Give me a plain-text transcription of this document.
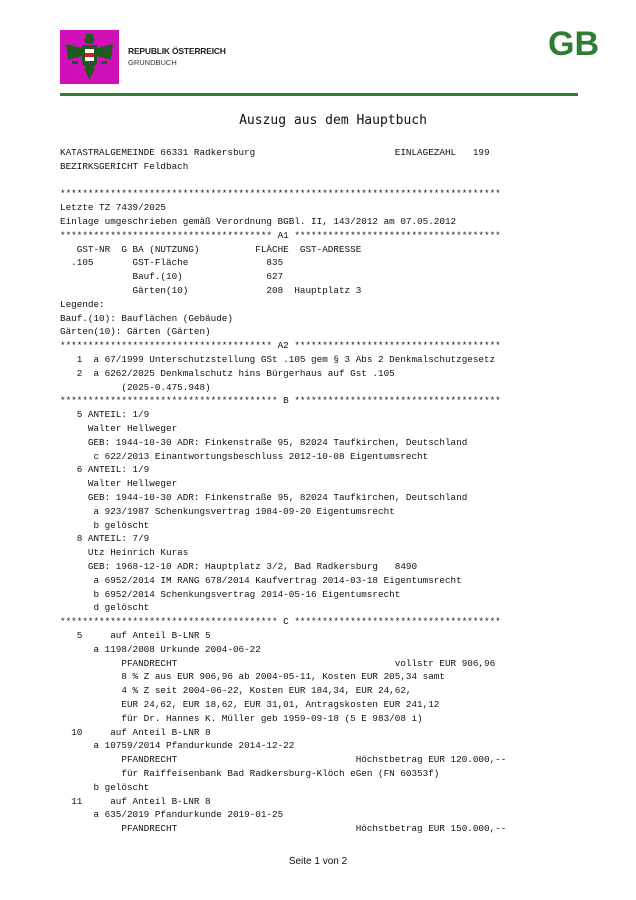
REPUBLIK ÖSTERREICH
GRUNDBUCH	GB
Auszug aus dem Hauptbuch
KATASTRALGEMEINDE 66331 Radkersburg                         EINLAGEZAHL   199
BEZIRKSGERICHT Feldbach
*******************************************************************************
Letzte TZ 7439/2025
Einlage umgeschrieben gemäß Verordnung BGBl. II, 143/2012 am 07.05.2012
************************************** A1 *************************************
GST-NR  G BA (NUTZUNG)          FLÄCHE  GST-ADRESSE
.105       GST-Fläche              835
Bauf.(10)               627
Gärten(10)              208  Hauptplatz 3
Legende:
Bauf.(10): Bauflächen (Gebäude)
Gärten(10): Gärten (Gärten)
************************************** A2 *************************************
1  a 67/1999 Unterschutzstellung GSt .105 gem § 3 Abs 2 Denkmalschutzgesetz
2  a 6262/2025 Denkmalschutz hins Bürgerhaus auf Gst .105
(2025-0.475.948)
*************************************** B *************************************
5 ANTEIL: 1/9
Walter Hellweger
GEB: 1944-10-30 ADR: Finkenstraße 95, 82024 Taufkirchen, Deutschland
c 622/2013 Einantwortungsbeschluss 2012-10-08 Eigentumsrecht
6 ANTEIL: 1/9
Walter Hellweger
GEB: 1944-10-30 ADR: Finkenstraße 95, 82024 Taufkirchen, Deutschland
a 923/1987 Schenkungsvertrag 1984-09-20 Eigentumsrecht
b gelöscht
8 ANTEIL: 7/9
Utz Heinrich Kuras
GEB: 1968-12-10 ADR: Hauptplatz 3/2, Bad Radkersburg   8490
a 6952/2014 IM RANG 678/2014 Kaufvertrag 2014-03-18 Eigentumsrecht
b 6952/2014 Schenkungsvertrag 2014-05-16 Eigentumsrecht
d gelöscht
*************************************** C *************************************
5     auf Anteil B-LNR 5
a 1198/2008 Urkunde 2004-06-22
PFANDRECHT                                       vollstr EUR 906,96
8 % Z aus EUR 906,96 ab 2004-05-11, Kosten EUR 205,34 samt
4 % Z seit 2004-06-22, Kosten EUR 184,34, EUR 24,62,
EUR 24,62, EUR 18,62, EUR 31,01, Antragskosten EUR 241,12
für Dr. Hannes K. Müller geb 1959-09-18 (5 E 983/08 i)
10     auf Anteil B-LNR 8
a 10759/2014 Pfandurkunde 2014-12-22
PFANDRECHT                                Höchstbetrag EUR 120.000,--
für Raiffeisenbank Bad Radkersburg-Klöch eGen (FN 60353f)
b gelöscht
11     auf Anteil B-LNR 8
a 635/2019 Pfandurkunde 2019-01-25
PFANDRECHT                                Höchstbetrag EUR 150.000,--
Seite 1 von 2
